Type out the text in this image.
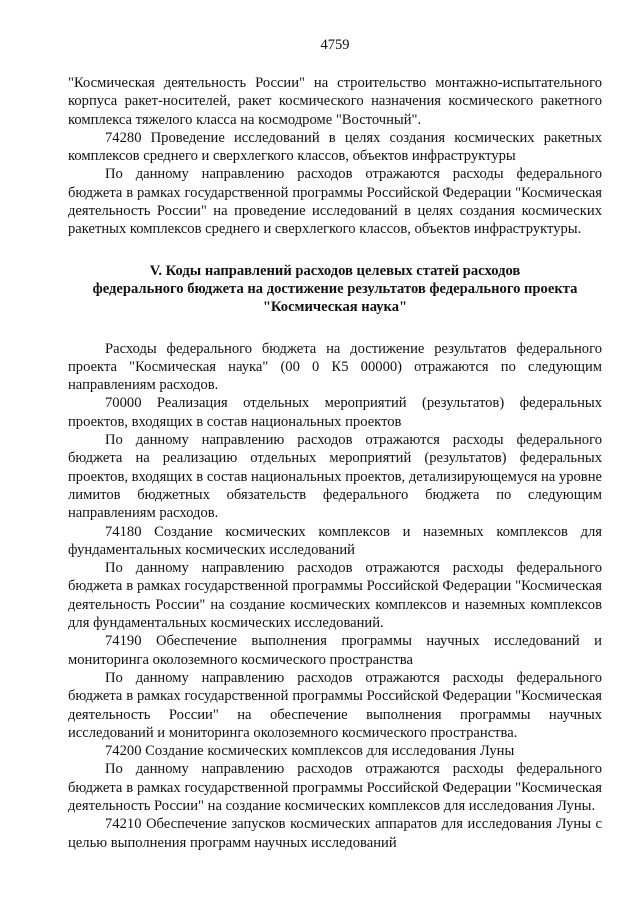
4759

"Космическая деятельность России" на строительство монтажно-испытательного корпуса ракет-носителей, ракет космического назначения космического ракетного комплекса тяжелого класса на космодроме "Восточный".

74280 Проведение исследований в целях создания космических ракетных комплексов среднего и сверхлегкого классов, объектов инфраструктуры

По данному направлению расходов отражаются расходы федерального бюджета в рамках государственной программы Российской Федерации "Космическая деятельность России" на проведение исследований в целях создания космических ракетных комплексов среднего и сверхлегкого классов, объектов инфраструктуры.

V. Коды направлений расходов целевых статей расходов
федерального бюджета на достижение результатов федерального проекта
"Космическая наука"

Расходы федерального бюджета на достижение результатов федерального проекта "Космическая наука" (00 0 К5 00000) отражаются по следующим направлениям расходов.

70000 Реализация отдельных мероприятий (результатов) федеральных проектов, входящих в состав национальных проектов

По данному направлению расходов отражаются расходы федерального бюджета на реализацию отдельных мероприятий (результатов) федеральных проектов, входящих в состав национальных проектов, детализирующемуся на уровне лимитов бюджетных обязательств федерального бюджета по следующим направлениям расходов.

74180 Создание космических комплексов и наземных комплексов для фундаментальных космических исследований

По данному направлению расходов отражаются расходы федерального бюджета в рамках государственной программы Российской Федерации "Космическая деятельность России" на создание космических комплексов и наземных комплексов для фундаментальных космических исследований.

74190 Обеспечение выполнения программы научных исследований и мониторинга околоземного космического пространства

По данному направлению расходов отражаются расходы федерального бюджета в рамках государственной программы Российской Федерации "Космическая деятельность России" на обеспечение выполнения программы научных исследований и мониторинга околоземного космического пространства.

74200 Создание космических комплексов для исследования Луны

По данному направлению расходов отражаются расходы федерального бюджета в рамках государственной программы Российской Федерации "Космическая деятельность России" на создание космических комплексов для исследования Луны.

74210 Обеспечение запусков космических аппаратов для исследования Луны с целью выполнения программ научных исследований
